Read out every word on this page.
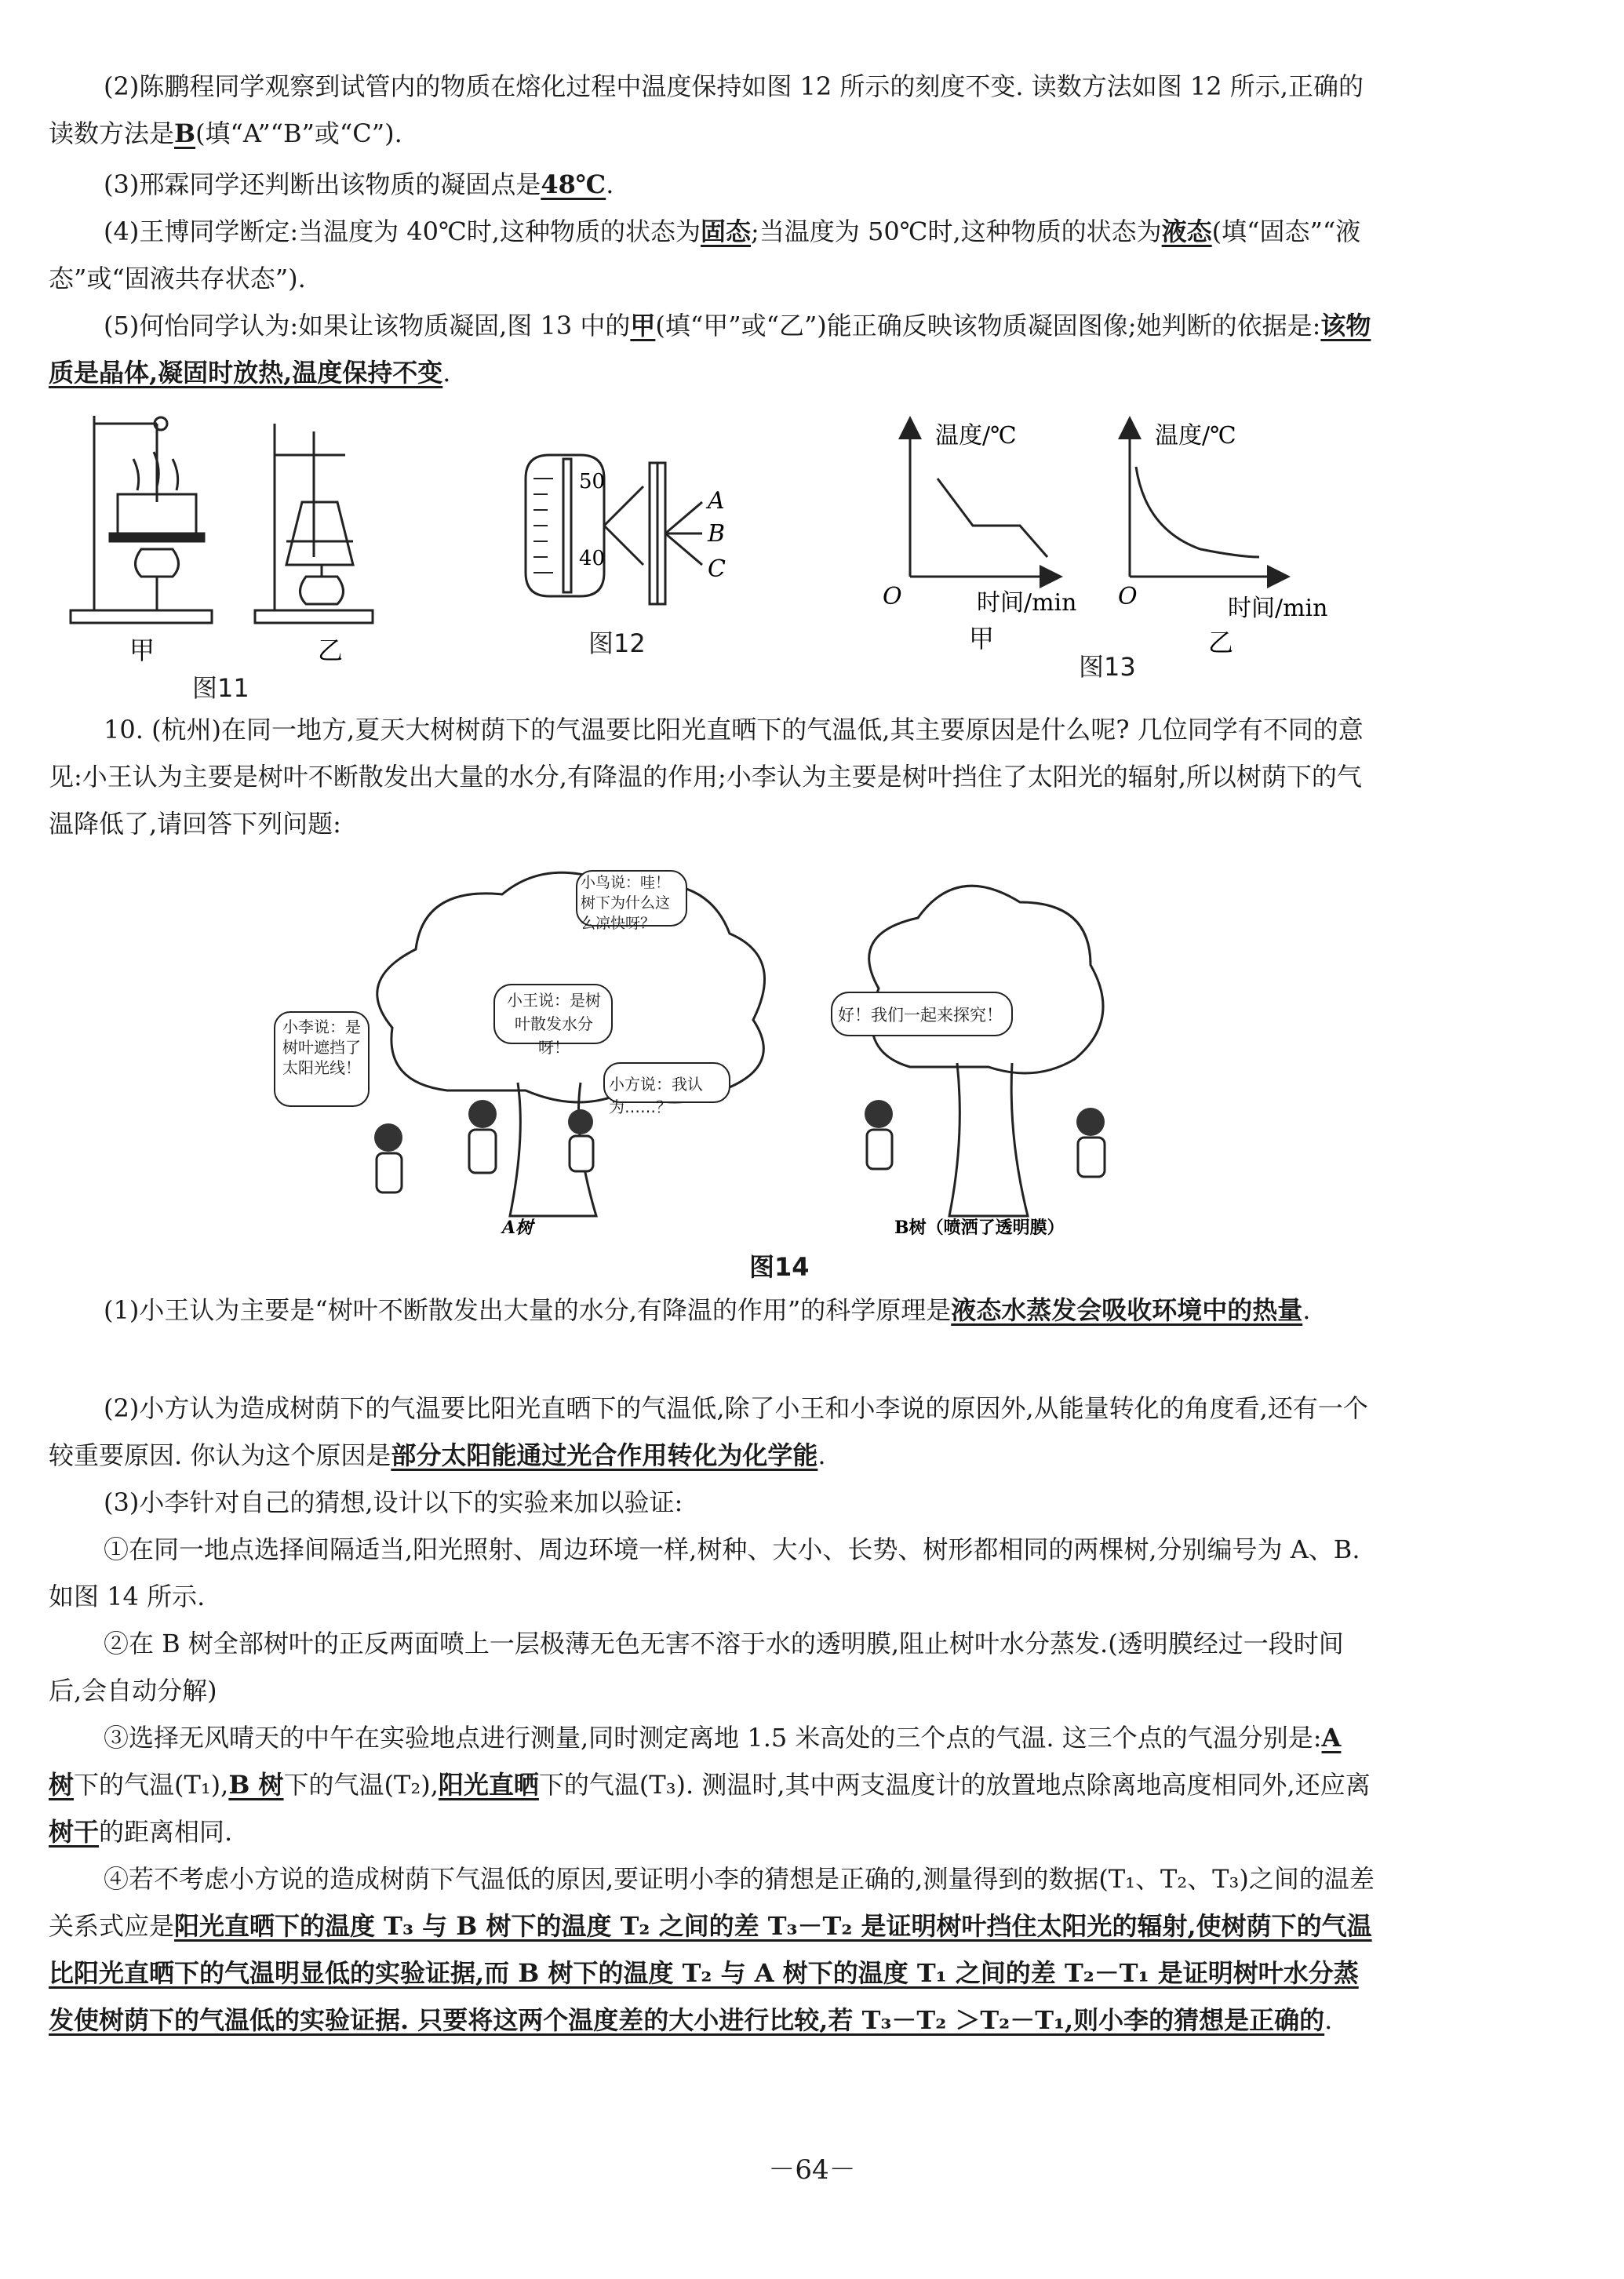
(2)陈鹏程同学观察到试管内的物质在熔化过程中温度保持如图 12 所示的刻度不变. 读数方法如图 12 所示,正确的读数方法是B(填“A”“B”或“C”).

(3)邢霖同学还判断出该物质的凝固点是48℃.

(4)王博同学断定:当温度为 40℃时,这种物质的状态为固态;当温度为 50℃时,这种物质的状态为液态(填“固态”“液态”或“固液共存状态”).

(5)何怡同学认为:如果让该物质凝固,图 13 中的甲(填“甲”或“乙”)能正确反映该物质凝固图像;她判断的依据是:该物质是晶体,凝固时放热,温度保持不变.

甲	乙
图11
50
40
A
B
C
图12
温度/℃	温度/℃
O	O
时间/min	时间/min
甲	乙
图13

10. (杭州)在同一地方,夏天大树树荫下的气温要比阳光直晒下的气温低,其主要原因是什么呢? 几位同学有不同的意见:小王认为主要是树叶不断散发出大量的水分,有降温的作用;小李认为主要是树叶挡住了太阳光的辐射,所以树荫下的气温降低了,请回答下列问题:

小鸟说：哇！树下为什么这么凉快呀？
小王说：是树叶散发水分呀！
小李说：是树叶遮挡了太阳光线！
小方说：我认为……？
好！我们一起来探究！
A树	B树（喷洒了透明膜）
图14

(1)小王认为主要是“树叶不断散发出大量的水分,有降温的作用”的科学原理是液态水蒸发会吸收环境中的热量.

(2)小方认为造成树荫下的气温要比阳光直晒下的气温低,除了小王和小李说的原因外,从能量转化的角度看,还有一个较重要原因. 你认为这个原因是部分太阳能通过光合作用转化为化学能.

(3)小李针对自己的猜想,设计以下的实验来加以验证:

①在同一地点选择间隔适当,阳光照射、周边环境一样,树种、大小、长势、树形都相同的两棵树,分别编号为 A、B. 如图 14 所示.

②在 B 树全部树叶的正反两面喷上一层极薄无色无害不溶于水的透明膜,阻止树叶水分蒸发.(透明膜经过一段时间后,会自动分解)

③选择无风晴天的中午在实验地点进行测量,同时测定离地 1.5 米高处的三个点的气温. 这三个点的气温分别是:A 树下的气温(T₁),B 树下的气温(T₂),阳光直晒下的气温(T₃). 测温时,其中两支温度计的放置地点除离地高度相同外,还应离树干的距离相同.

④若不考虑小方说的造成树荫下气温低的原因,要证明小李的猜想是正确的,测量得到的数据(T₁、T₂、T₃)之间的温差关系式应是阳光直晒下的温度 T₃ 与 B 树下的温度 T₂ 之间的差 T₃－T₂ 是证明树叶挡住太阳光的辐射,使树荫下的气温比阳光直晒下的气温明显低的实验证据,而 B 树下的温度 T₂ 与 A 树下的温度 T₁ 之间的差 T₂－T₁ 是证明树叶水分蒸发使树荫下的气温低的实验证据. 只要将这两个温度差的大小进行比较,若 T₃－T₂ ＞T₂－T₁,则小李的猜想是正确的.

－64－
